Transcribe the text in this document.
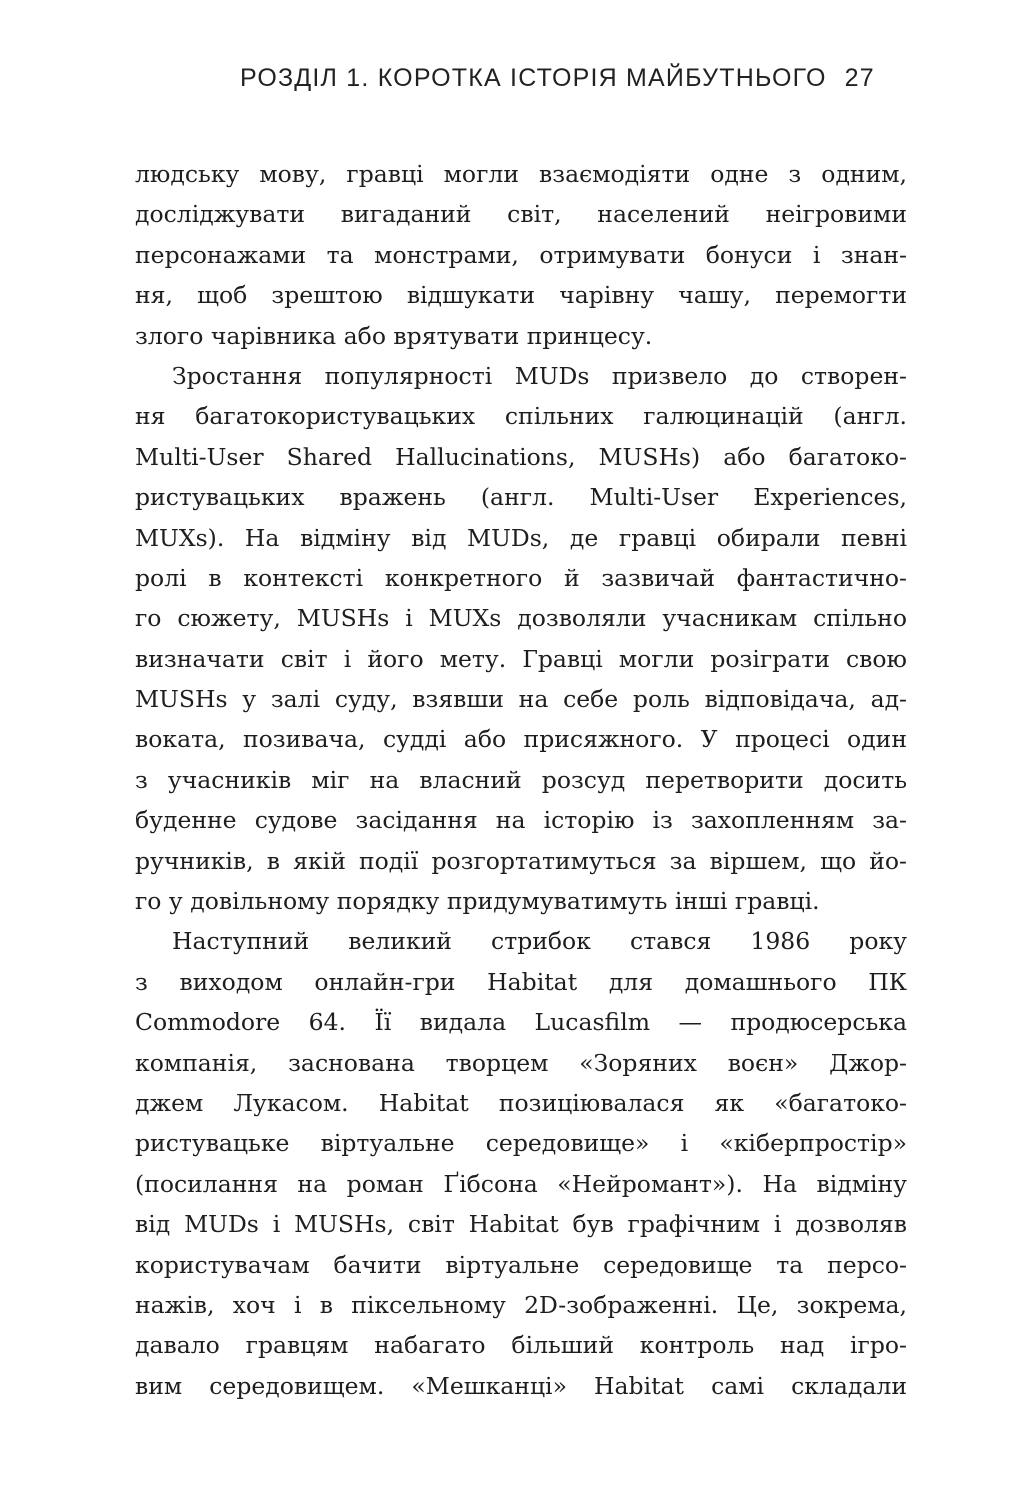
РОЗДІЛ 1. КОРОТКА ІСТОРІЯ МАЙБУТНЬОГО 27
людську мову, гравці могли взаємодіяти одне з одним,
досліджувати вигаданий світ, населений неігровими
персонажами та монстрами, отримувати бонуси і знан-
ня, щоб зрештою відшукати чарівну чашу, перемогти
злого чарівника або врятувати принцесу.
Зростання популярності MUDs призвело до створен-
ня багатокористувацьких спільних галюцинацій (англ.
Multi-User Shared Hallucinations, MUSHs) або багатоко-
ристувацьких вражень (англ. Multi-User Experiences,
MUXs). На відміну від MUDs, де гравці обирали певні
ролі в контексті конкретного й зазвичай фантастично-
го сюжету, MUSHs і MUXs дозволяли учасникам спільно
визначати світ і його мету. Гравці могли розіграти свою
MUSHs у залі суду, взявши на себе роль відповідача, ад-
воката, позивача, судді або присяжного. У процесі один
з учасників міг на власний розсуд перетворити досить
буденне судове засідання на історію із захопленням за-
ручників, в якій події розгортатимуться за віршем, що йо-
го у довільному порядку придумуватимуть інші гравці.
Наступний великий стрибок стався 1986 року
з виходом онлайн-гри Habitat для домашнього ПК
Commodore 64. Її видала Lucasfilm — продюсерська
компанія, заснована творцем «Зоряних воєн» Джор-
джем Лукасом. Habitat позиціювалася як «багатоко-
ристувацьке віртуальне середовище» і «кіберпростір»
(посилання на роман Ґібсона «Нейромант»). На відміну
від MUDs і MUSHs, світ Habitat був графічним і дозволяв
користувачам бачити віртуальне середовище та персо-
нажів, хоч і в піксельному 2D-зображенні. Це, зокрема,
давало гравцям набагато більший контроль над ігро-
вим середовищем. «Мешканці» Habitat самі складали
